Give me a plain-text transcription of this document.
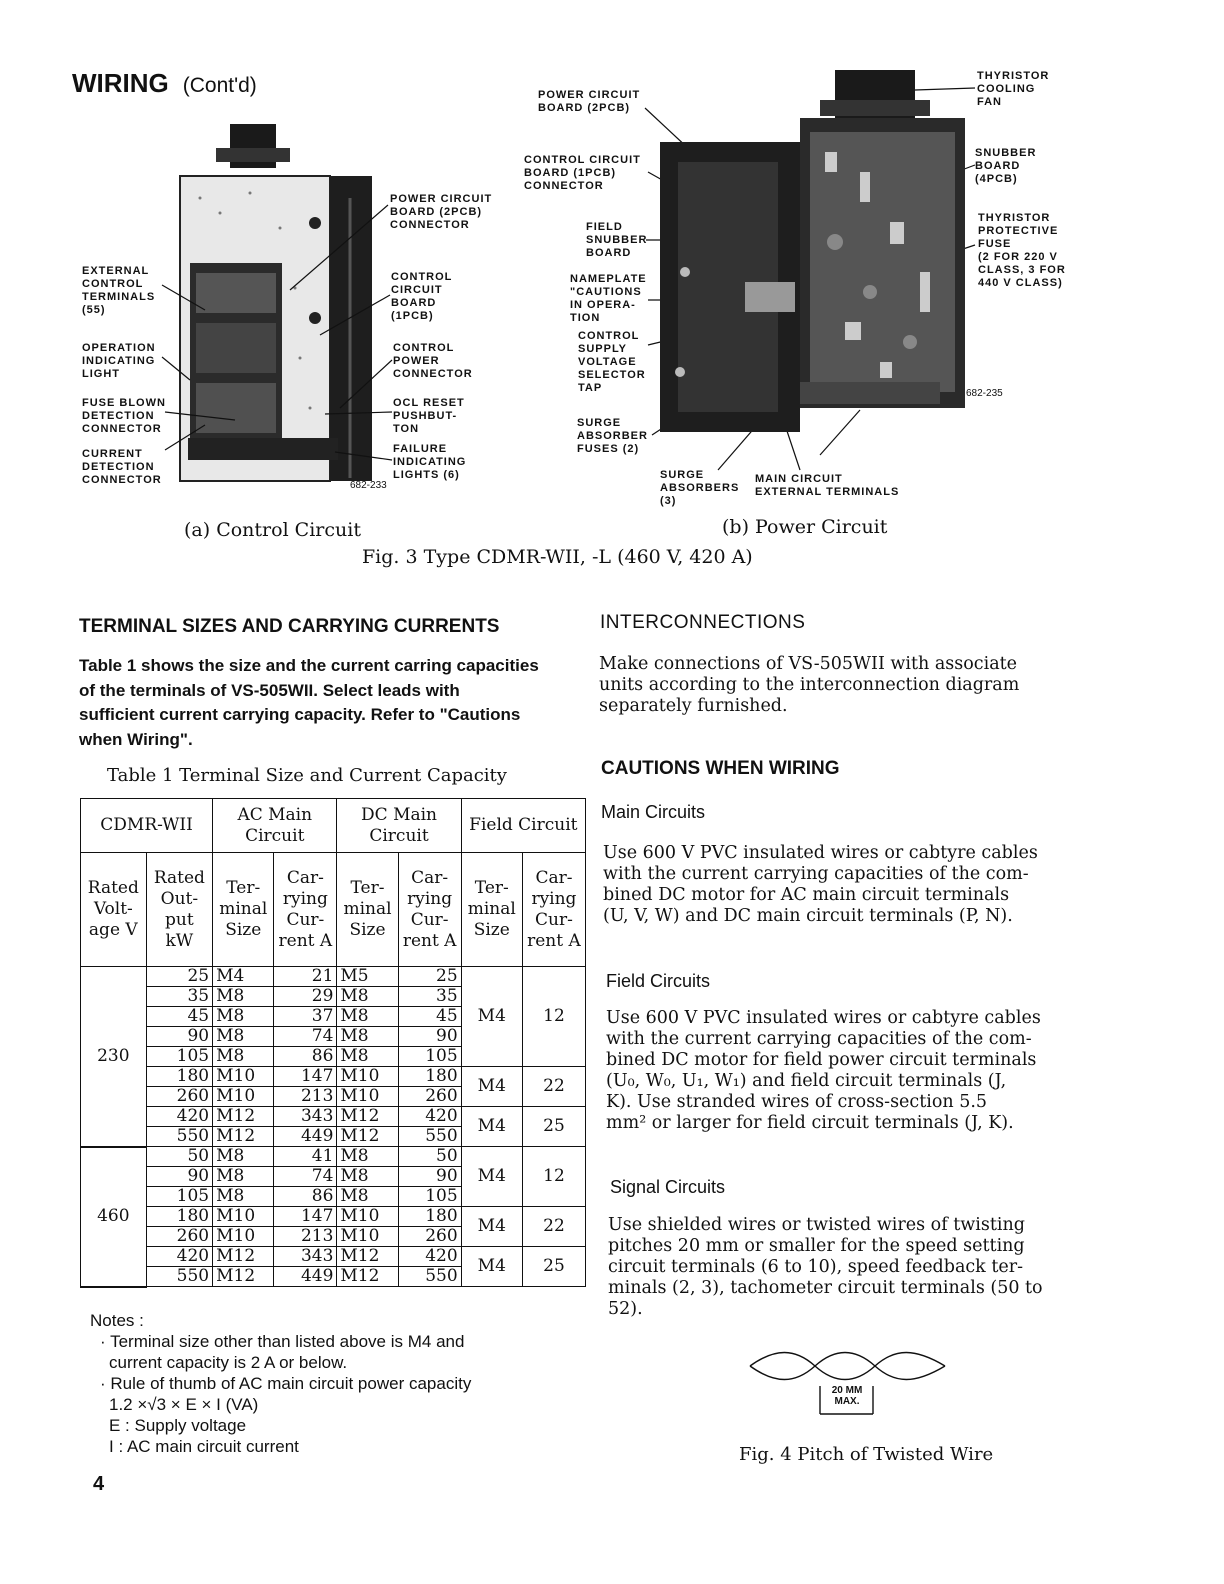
WIRING (Cont'd)
EXTERNAL
CONTROL
TERMINALS
(55)
OPERATION
INDICATING
LIGHT
FUSE BLOWN
DETECTION
CONNECTOR
CURRENT
DETECTION
CONNECTOR
POWER CIRCUIT
BOARD (2PCB)
CONNECTOR
CONTROL
CIRCUIT
BOARD
(1PCB)
CONTROL
POWER
CONNECTOR
OCL RESET
PUSHBUT-
TON
FAILURE
INDICATING
LIGHTS (6)
682-233
POWER CIRCUIT
BOARD (2PCB)
CONTROL CIRCUIT
BOARD (1PCB)
CONNECTOR
FIELD
SNUBBER
BOARD
NAMEPLATE
"CAUTIONS
IN OPERA-
TION
CONTROL
SUPPLY
VOLTAGE
SELECTOR
TAP
SURGE
ABSORBER
FUSES (2)
THYRISTOR
COOLING
FAN
SNUBBER
BOARD
(4PCB)
THYRISTOR
PROTECTIVE
FUSE
(2 FOR 220 V
CLASS, 3 FOR
440 V CLASS)
682-235
SURGE
ABSORBERS
(3)
MAIN CIRCUIT
EXTERNAL TERMINALS
(a) Control Circuit	(b) Power Circuit
Fig. 3 Type CDMR-WII, -L (460 V, 420 A)
TERMINAL SIZES AND CARRYING CURRENTS
Table 1 shows the size and the current carring capacities
of the terminals of VS-505WII. Select leads with
sufficient current carrying capacity. Refer to "Cautions
when Wiring".
Table 1 Terminal Size and Current Capacity
CDMR-WII		AC Main Circuit		DC Main Circuit		Field Circuit	
Rated Volt- age V	Rated Out- put kW	Ter- minal Size	Car- rying Cur- rent A	Ter- minal Size	Car- rying Cur- rent A	Ter- minal Size	Car- rying Cur- rent A
230	25	M4	21	M5	25	M4	12
	35	M8	29	M8	35		
	45	M8	37	M8	45		
	90	M8	74	M8	90		
	105	M8	86	M8	105		
	180	M10	147	M10	180	M4	22
	260	M10	213	M10	260		
	420	M12	343	M12	420	M4	25
	550	M12	449	M12	550		
460	50	M8	41	M8	50	M4	12
	90	M8	74	M8	90		
	105	M8	86	M8	105		
	180	M10	147	M10	180	M4	22
	260	M10	213	M10	260		
	420	M12	343	M12	420	M4	25
	550	M12	449	M12	550		
Notes :
· Terminal size other than listed above is M4 and
current capacity is 2 A or below.
· Rule of thumb of AC main circuit power capacity
1.2 ×√3 × E × I (VA)
E : Supply voltage
I : AC main circuit current
4
INTERCONNECTIONS
Make connections of VS-505WII with associate
units according to the interconnection diagram
separately furnished.
CAUTIONS WHEN WIRING
Main Circuits
Use 600 V PVC insulated wires or cabtyre cables
with the current carrying capacities of the com-
bined DC motor for AC main circuit terminals
(U, V, W) and DC main circuit terminals (P, N).
Field Circuits
Use 600 V PVC insulated wires or cabtyre cables
with the current carrying capacities of the com-
bined DC motor for field power circuit terminals
(U₀, W₀, U₁, W₁) and field circuit terminals (J,
K). Use stranded wires of cross-section 5.5
mm² or larger for field circuit terminals (J, K).
Signal Circuits
Use shielded wires or twisted wires of twisting
pitches 20 mm or smaller for the speed setting
circuit terminals (6 to 10), speed feedback ter-
minals (2, 3), tachometer circuit terminals (50 to
52).
20 MM
MAX.
Fig. 4 Pitch of Twisted Wire
